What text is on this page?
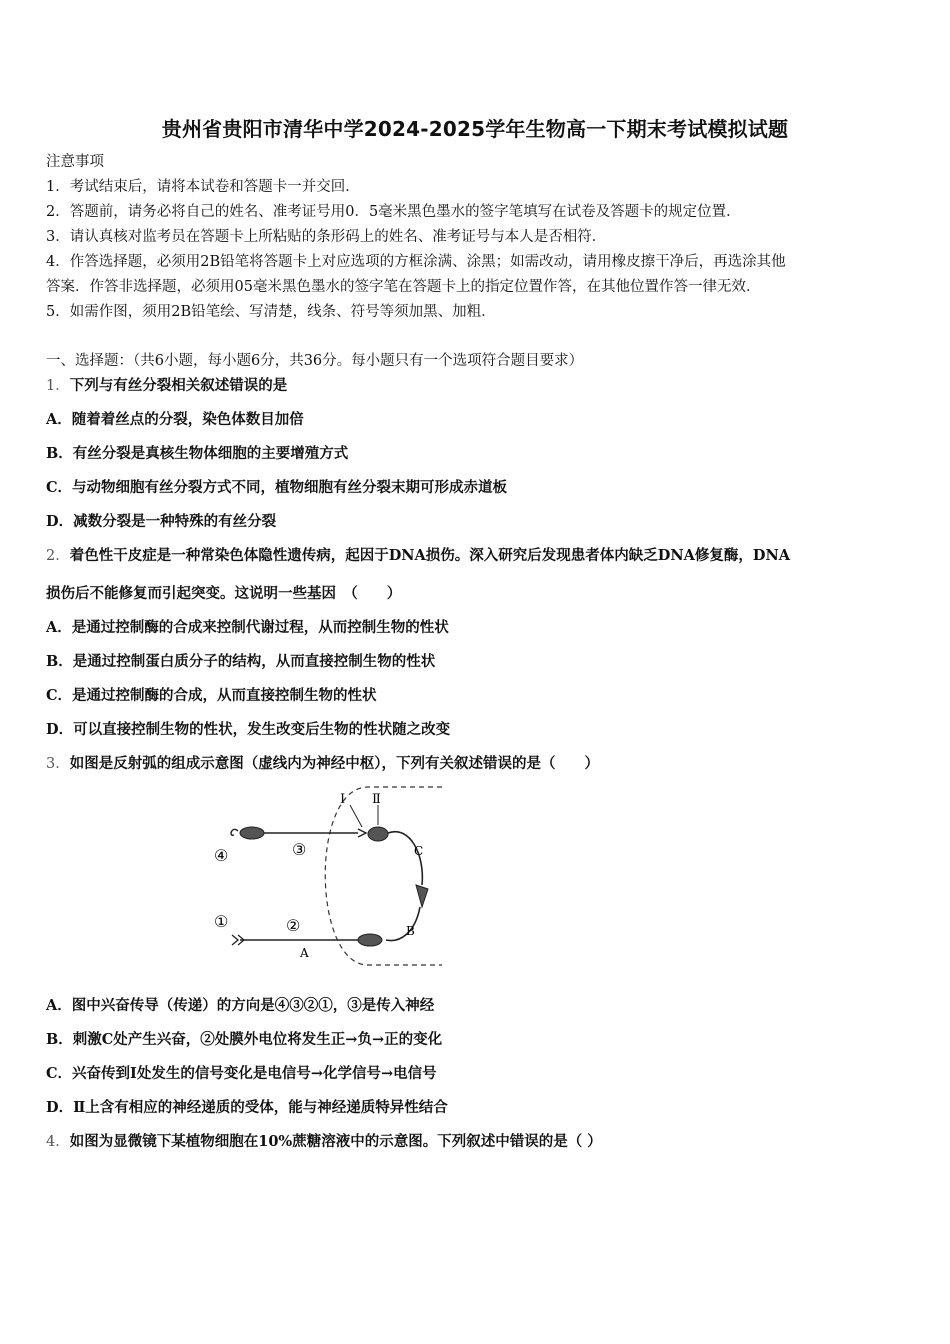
贵州省贵阳市清华中学2024-2025学年生物高一下期末考试模拟试题
注意事项
1．考试结束后，请将本试卷和答题卡一并交回．
2．答题前，请务必将自己的姓名、准考证号用0．5毫米黑色墨水的签字笔填写在试卷及答题卡的规定位置．
3．请认真核对监考员在答题卡上所粘贴的条形码上的姓名、准考证号与本人是否相符．
4．作答选择题，必须用2B铅笔将答题卡上对应选项的方框涂满、涂黑；如需改动，请用橡皮擦干净后，再选涂其他
答案．作答非选择题，必须用05毫米黑色墨水的签字笔在答题卡上的指定位置作答，在其他位置作答一律无效．
5．如需作图，须用2B铅笔绘、写清楚，线条、符号等须加黑、加粗．
一、选择题：（共6小题，每小题6分，共36分。每小题只有一个选项符合题目要求）
1．下列与有丝分裂相关叙述错误的是
A．随着着丝点的分裂，染色体数目加倍
B．有丝分裂是真核生物体细胞的主要增殖方式
C．与动物细胞有丝分裂方式不同，植物细胞有丝分裂末期可形成赤道板
D．减数分裂是一种特殊的有丝分裂
2．着色性干皮症是一种常染色体隐性遗传病，起因于DNA损伤。深入研究后发现患者体内缺乏DNA修复酶，DNA
损伤后不能修复而引起突变。这说明一些基因　（　　）
A．是通过控制酶的合成来控制代谢过程，从而控制生物的性状
B．是通过控制蛋白质分子的结构，从而直接控制生物的性状
C．是通过控制酶的合成，从而直接控制生物的性状
D．可以直接控制生物的性状，发生改变后生物的性状随之改变
3．如图是反射弧的组成示意图（虚线内为神经中枢），下列有关叙述错误的是（　　）
I Ⅱ
C
B
A
④	③
①	②
A．图中兴奋传导（传递）的方向是④③②①，③是传入神经
B．刺激C处产生兴奋，②处膜外电位将发生正→负→正的变化
C．兴奋传到Ⅰ处发生的信号变化是电信号→化学信号→电信号
D．Ⅱ上含有相应的神经递质的受体，能与神经递质特异性结合
4．如图为显微镜下某植物细胞在10%蔗糖溶液中的示意图。下列叙述中错误的是（ ）
